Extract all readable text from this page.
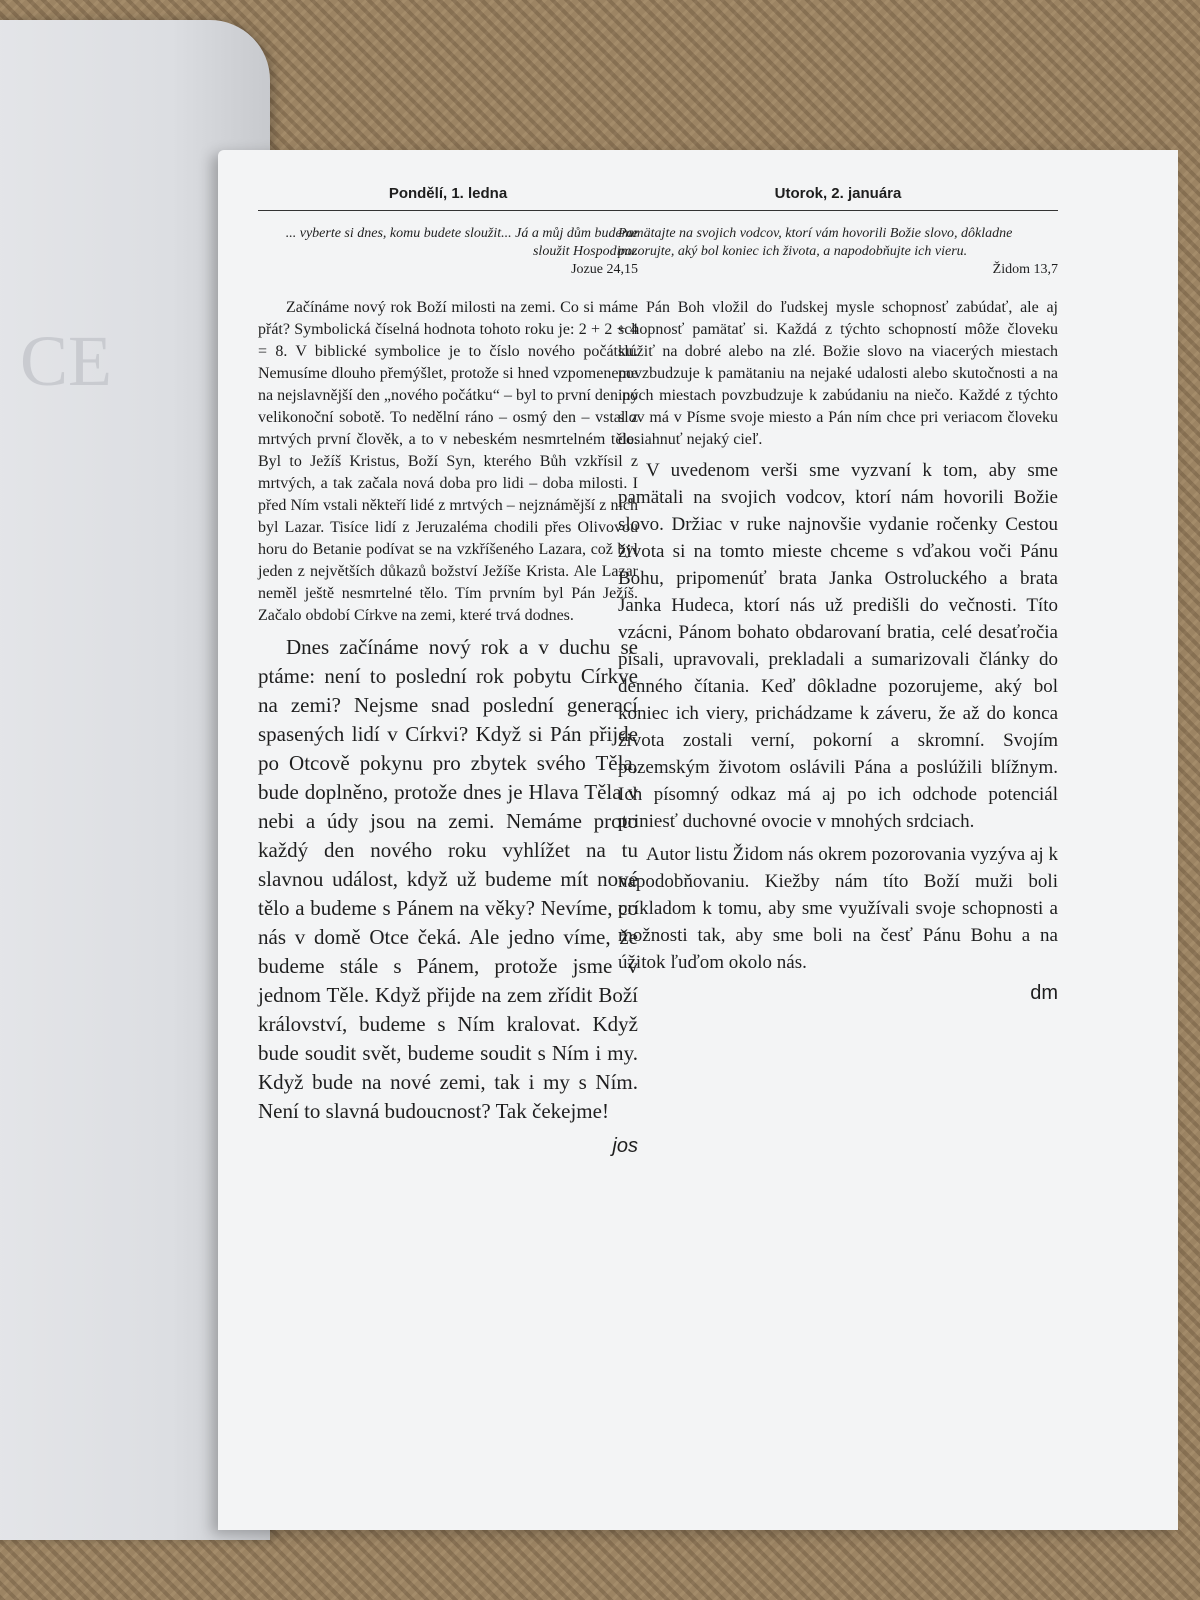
CE
Pondělí, 1. ledna
... vyberte si dnes, komu budete sloužit... Já a můj dům budeme sloužit Hospodinu.
Jozue 24,15

Začínáme nový rok Boží milosti na zemi. Co si máme přát? Symbolická číselná hodnota tohoto roku je: 2 + 2 + 4 = 8. V biblické symbolice je to číslo nového počátku. Nemusíme dlouho přemýšlet, protože si hned vzpomeneme na nejslavnější den „nového počátku“ – byl to první den po velikonoční sobotě. To nedělní ráno – osmý den – vstal z mrtvých první člověk, a to v nebeském nesmrtelném těle. Byl to Ježíš Kristus, Boží Syn, kterého Bůh vzkřísil z mrtvých, a tak začala nová doba pro lidi – doba milosti. I před Ním vstali někteří lidé z mrtvých – nejznámější z nich byl Lazar. Tisíce lidí z Jeruzaléma chodili přes Olivovou horu do Betanie podívat se na vzkříšeného Lazara, což byl jeden z největších důkazů božství Ježíše Krista. Ale Lazar neměl ještě nesmrtelné tělo. Tím prvním byl Pán Ježíš. Začalo období Církve na zemi, které trvá dodnes.

Dnes začínáme nový rok a v duchu se ptáme: není to poslední rok pobytu Církve na zemi? Nejsme snad poslední generací spasených lidí v Církvi? Když si Pán přijde po Otcově pokynu pro zbytek svého Těla, bude doplněno, protože dnes je Hlava Těla v nebi a údy jsou na zemi. Nemáme proto každý den nového roku vyhlížet na tu slavnou událost, když už budeme mít nové tělo a budeme s Pánem na věky? Nevíme, co nás v domě Otce čeká. Ale jedno víme, že budeme stále s Pánem, protože jsme v jednom Těle. Když přijde na zem zřídit Boží království, budeme s Ním kralovat. Když bude soudit svět, budeme soudit s Ním i my. Když bude na nové zemi, tak i my s Ním. Není to slavná budoucnost? Tak čekejme!

jos
Utorok, 2. januára
Pamätajte na svojich vodcov, ktorí vám hovorili Božie slovo, dôkladne pozorujte, aký bol koniec ich života, a napodobňujte ich vieru.
Židom 13,7

Pán Boh vložil do ľudskej mysle schopnosť zabúdať, ale aj schopnosť pamätať si. Každá z týchto schopností môže človeku slúžiť na dobré alebo na zlé. Božie slovo na viacerých miestach povzbudzuje k pamätaniu na nejaké udalosti alebo skutočnosti a na iných miestach povzbudzuje k zabúdaniu na niečo. Každé z týchto slov má v Písme svoje miesto a Pán ním chce pri veriacom človeku dosiahnuť nejaký cieľ.

V uvedenom verši sme vyzvaní k tom, aby sme pamätali na svojich vodcov, ktorí nám hovorili Božie slovo. Držiac v ruke najnovšie vydanie ročenky Cestou života si na tomto mieste chceme s vďakou voči Pánu Bohu, pripomenúť brata Janka Ostroluckého a brata Janka Hudeca, ktorí nás už predišli do večnosti. Títo vzácni, Pánom bohato obdarovaní bratia, celé desaťročia písali, upravovali, prekladali a sumarizovali články do denného čítania. Keď dôkladne pozorujeme, aký bol koniec ich viery, prichádzame k záveru, že až do konca života zostali verní, pokorní a skromní. Svojím pozemským životom oslávili Pána a poslúžili blížnym. Ich písomný odkaz má aj po ich odchode potenciál priniesť duchovné ovocie v mnohých srdciach.

Autor listu Židom nás okrem pozorovania vyzýva aj k napodobňovaniu. Kiežby nám títo Boží muži boli príkladom k tomu, aby sme využívali svoje schopnosti a možnosti tak, aby sme boli na česť Pánu Bohu a na úžitok ľuďom okolo nás.

dm
